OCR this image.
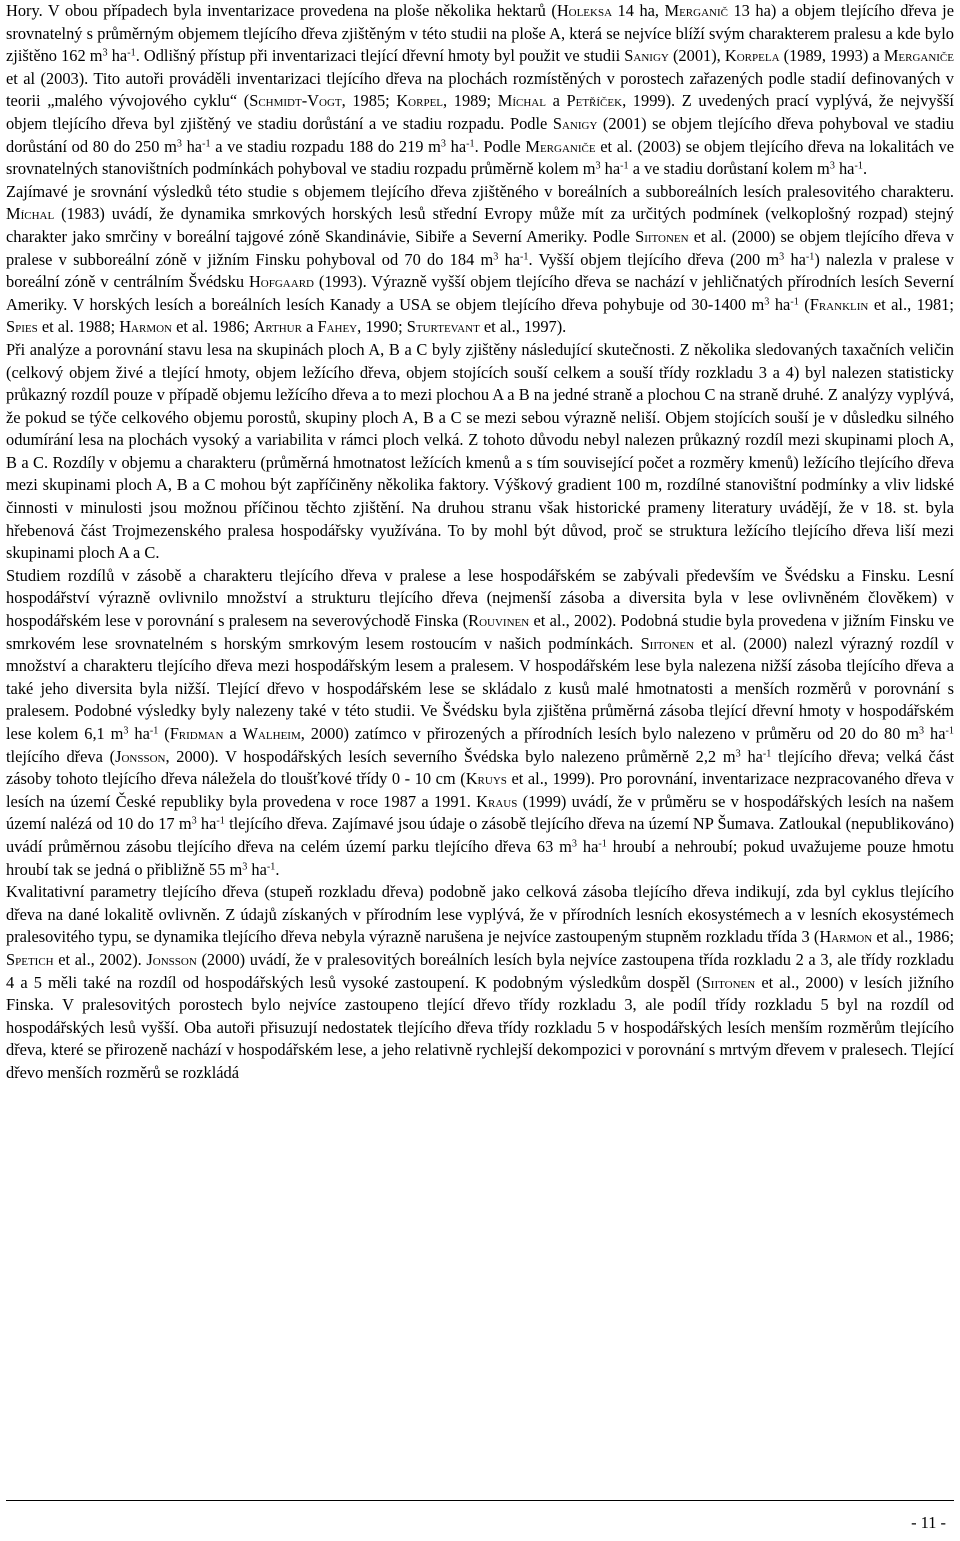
Hory. V obou případech byla inventarizace provedena na ploše několika hektarů (Holeksa 14 ha, Merganič 13 ha) a objem tlejícího dřeva je srovnatelný s průměrným objemem tlejícího dřeva zjištěným v této studii na ploše A, která se nejvíce blíží svým charakterem pralesu a kde bylo zjištěno 162 $m^3$ $ha^{-1}$. Odlišný přístup při inventarizaci tlející dřevní hmoty byl použit ve studii Sanigy (2001), Korpela (1989, 1993) a Merganiče et al (2003). Tito autoři prováděli inventarizaci tlejícího dřeva na plochách rozmístěných v porostech zařazených podle stadií definovaných v teorii „malého vývojového cyklu“ (Schmidt-Vogt, 1985; Korpel, 1989; Míchal a Petříček, 1999). Z uvedených prací vyplývá, že nejvyšší objem tlejícího dřeva byl zjištěný ve stadiu dorůstání a ve stadiu rozpadu. Podle Sanigy (2001) se objem tlejícího dřeva pohyboval ve stadiu dorůstání od 80 do 250 $m^3$ $ha^{-1}$ a ve stadiu rozpadu 188 do 219 $m^3$ $ha^{-1}$. Podle Merganiče et al. (2003) se objem tlejícího dřeva na lokalitách ve srovnatelných stanovištních podmínkách pohyboval ve stadiu rozpadu průměrně kolem $m^3$ $ha^{-1}$ a ve stadiu dorůstaní kolem $m^3$ $ha^{-1}$.

Zajímavé je srovnání výsledků této studie s objemem tlejícího dřeva zjištěného v boreálních a subboreálních lesích pralesovitého charakteru. Míchal (1983) uvádí, že dynamika smrkových horských lesů střední Evropy může mít za určitých podmínek (velkoplošný rozpad) stejný charakter jako smrčiny v boreální tajgové zóně Skandinávie, Sibiře a Severní Ameriky. Podle Siitonen et al. (2000) se objem tlejícího dřeva v pralese v subboreální zóně v jižním Finsku pohyboval od 70 do 184 $m^3$ $ha^{-1}$. Vyšší objem tlejícího dřeva (200 $m^3$ $ha^{-1}$) nalezla v pralese v boreální zóně v centrálním Švédsku Hofgaard (1993). Výrazně vyšší objem tlejícího dřeva se nachází v jehličnatých přírodních lesích Severní Ameriky. V horských lesích a boreálních lesích Kanady a USA se objem tlejícího dřeva pohybuje od 30-1400 $m^3$ $ha^{-1}$ (Franklin et al., 1981; Spies et al. 1988; Harmon et al. 1986; Arthur a Fahey, 1990; Sturtevant et al., 1997).

Při analýze a porovnání stavu lesa na skupinách ploch A, B a C byly zjištěny následující skutečnosti. Z několika sledovaných taxačních veličin (celkový objem živé a tlející hmoty, objem ležícího dřeva, objem stojících souší celkem a souší třídy rozkladu 3 a 4) byl nalezen statisticky průkazný rozdíl pouze v případě objemu ležícího dřeva a to mezi plochou A a B na jedné straně a plochou C na straně druhé. Z analýzy vyplývá, že pokud se týče celkového objemu porostů, skupiny ploch A, B a C se mezi sebou výrazně neliší. Objem stojících souší je v důsledku silného odumírání lesa na plochách vysoký a variabilita v rámci ploch velká. Z tohoto důvodu nebyl nalezen průkazný rozdíl mezi skupinami ploch A, B a C. Rozdíly v objemu a charakteru (průměrná hmotnatost ležících kmenů a s tím související počet a rozměry kmenů) ležícího tlejícího dřeva mezi skupinami ploch A, B a C mohou být zapříčiněny několika faktory. Výškový gradient 100 m, rozdílné stanovištní podmínky a vliv lidské činnosti v minulosti jsou možnou příčinou těchto zjištění. Na druhou stranu však historické prameny literatury uvádějí, že v 18. st. byla hřebenová část Trojmezenského pralesa hospodářsky využívána. To by mohl být důvod, proč se struktura ležícího tlejícího dřeva liší mezi skupinami ploch A a C.

Studiem rozdílů v zásobě a charakteru tlejícího dřeva v pralese a lese hospodářském se zabývali především ve Švédsku a Finsku. Lesní hospodářství výrazně ovlivnilo množství a strukturu tlejícího dřeva (nejmenší zásoba a diversita byla v lese ovlivněném člověkem) v hospodářském lese v porovnání s pralesem na severovýchodě Finska (Rouvinen et al., 2002). Podobná studie byla provedena v jižním Finsku ve smrkovém lese srovnatelném s horským smrkovým lesem rostoucím v našich podmínkách. Siitonen et al. (2000) nalezl výrazný rozdíl v množství a charakteru tlejícího dřeva mezi hospodářským lesem a pralesem. V hospodářském lese byla nalezena nižší zásoba tlejícího dřeva a také jeho diversita byla nižší. Tlející dřevo v hospodářském lese se skládalo z kusů malé hmotnatosti a menších rozměrů v porovnání s pralesem. Podobné výsledky byly nalezeny také v této studii. Ve Švédsku byla zjištěna průměrná zásoba tlející dřevní hmoty v hospodářském lese kolem 6,1 $m^3$ $ha^{-1}$ (Fridman a Walheim, 2000) zatímco v přirozených a přírodních lesích bylo nalezeno v průměru od 20 do 80 $m^3$ $ha^{-1}$ tlejícího dřeva (Jonsson, 2000). V hospodářských lesích severního Švédska bylo nalezeno průměrně 2,2 $m^3$ $ha^{-1}$ tlejícího dřeva; velká část zásoby tohoto tlejícího dřeva náležela do tloušťkové třídy 0 - 10 cm (Kruys et al., 1999). Pro porovnání, inventarizace nezpracovaného dřeva v lesích na území České republiky byla provedena v roce 1987 a 1991. Kraus (1999) uvádí, že v průměru se v hospodářských lesích na našem území nalézá od 10 do 17 $m^3$ $ha^{-1}$ tlejícího dřeva. Zajímavé jsou údaje o zásobě tlejícího dřeva na území NP Šumava. Zatloukal (nepublikováno) uvádí průměrnou zásobu tlejícího dřeva na celém území parku tlejícího dřeva 63 $m^3$ $ha^{-1}$ hroubí a nehroubí; pokud uvažujeme pouze hmotu hroubí tak se jedná o přibližně 55 $m^3$ $ha^{-1}$.

Kvalitativní parametry tlejícího dřeva (stupeň rozkladu dřeva) podobně jako celková zásoba tlejícího dřeva indikují, zda byl cyklus tlejícího dřeva na dané lokalitě ovlivněn. Z údajů získaných v přírodním lese vyplývá, že v přírodních lesních ekosystémech a v lesních ekosystémech pralesovitého typu, se dynamika tlejícího dřeva nebyla výrazně narušena je nejvíce zastoupeným stupněm rozkladu třída 3 (Harmon et al., 1986; Spetich et al., 2002). Jonsson (2000) uvádí, že v pralesovitých boreálních lesích byla nejvíce zastoupena třída rozkladu 2 a 3, ale třídy rozkladu 4 a 5 měli také na rozdíl od hospodářských lesů vysoké zastoupení. K podobným výsledkům dospěl (Siitonen et al., 2000) v lesích jižního Finska. V pralesovitých porostech bylo nejvíce zastoupeno tlející dřevo třídy rozkladu 3, ale podíl třídy rozkladu 5 byl na rozdíl od hospodářských lesů vyšší. Oba autoři přisuzují nedostatek tlejícího dřeva třídy rozkladu 5 v hospodářských lesích menším rozměrům tlejícího dřeva, které se přirozeně nachází v hospodářském lese, a jeho relativně rychlejší dekompozici v porovnání s mrtvým dřevem v pralesech. Tlející dřevo menších rozměrů se rozkládá

- 11 -
